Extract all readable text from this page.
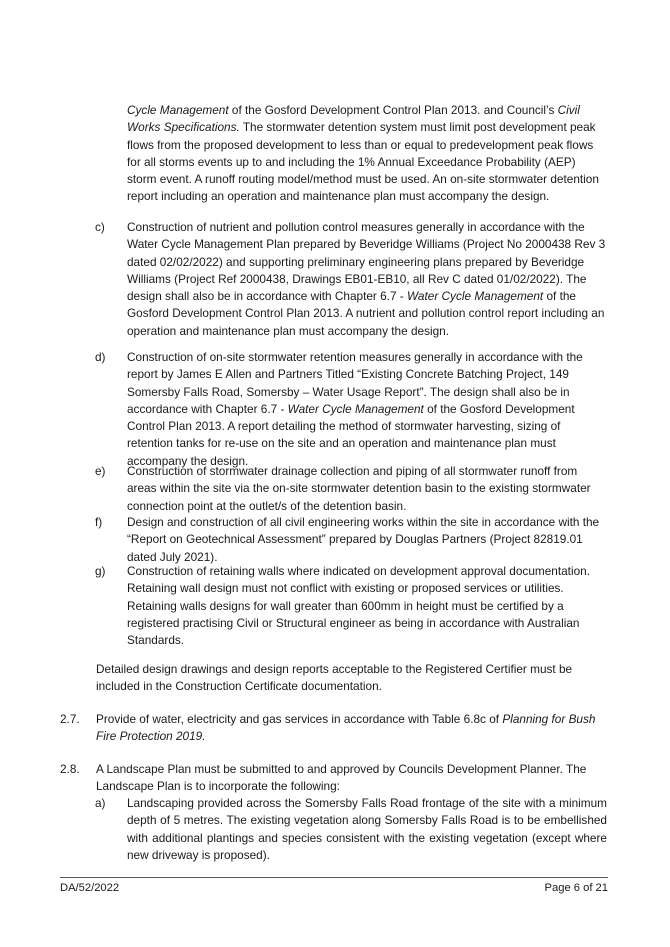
Cycle Management of the Gosford Development Control Plan 2013. and Council’s Civil Works Specifications. The stormwater detention system must limit post development peak flows from the proposed development to less than or equal to predevelopment peak flows for all storms events up to and including the 1% Annual Exceedance Probability (AEP) storm event. A runoff routing model/method must be used. An on-site stormwater detention report including an operation and maintenance plan must accompany the design.
c) Construction of nutrient and pollution control measures generally in accordance with the Water Cycle Management Plan prepared by Beveridge Williams (Project No 2000438 Rev 3 dated 02/02/2022) and supporting preliminary engineering plans prepared by Beveridge Williams (Project Ref 2000438, Drawings EB01-EB10, all Rev C dated 01/02/2022). The design shall also be in accordance with Chapter 6.7 - Water Cycle Management of the Gosford Development Control Plan 2013. A nutrient and pollution control report including an operation and maintenance plan must accompany the design.
d) Construction of on-site stormwater retention measures generally in accordance with the report by James E Allen and Partners Titled “Existing Concrete Batching Project, 149 Somersby Falls Road, Somersby – Water Usage Report”. The design shall also be in accordance with Chapter 6.7 - Water Cycle Management of the Gosford Development Control Plan 2013. A report detailing the method of stormwater harvesting, sizing of retention tanks for re-use on the site and an operation and maintenance plan must accompany the design.
e) Construction of stormwater drainage collection and piping of all stormwater runoff from areas within the site via the on-site stormwater detention basin to the existing stormwater connection point at the outlet/s of the detention basin.
f) Design and construction of all civil engineering works within the site in accordance with the “Report on Geotechnical Assessment” prepared by Douglas Partners (Project 82819.01 dated July 2021).
g) Construction of retaining walls where indicated on development approval documentation. Retaining wall design must not conflict with existing or proposed services or utilities. Retaining walls designs for wall greater than 600mm in height must be certified by a registered practising Civil or Structural engineer as being in accordance with Australian Standards.
Detailed design drawings and design reports acceptable to the Registered Certifier must be included in the Construction Certificate documentation.
2.7. Provide of water, electricity and gas services in accordance with Table 6.8c of Planning for Bush Fire Protection 2019.
2.8. A Landscape Plan must be submitted to and approved by Councils Development Planner. The Landscape Plan is to incorporate the following:
a) Landscaping provided across the Somersby Falls Road frontage of the site with a minimum depth of 5 metres. The existing vegetation along Somersby Falls Road is to be embellished with additional plantings and species consistent with the existing vegetation (except where new driveway is proposed).
DA/52/2022	Page 6 of 21
